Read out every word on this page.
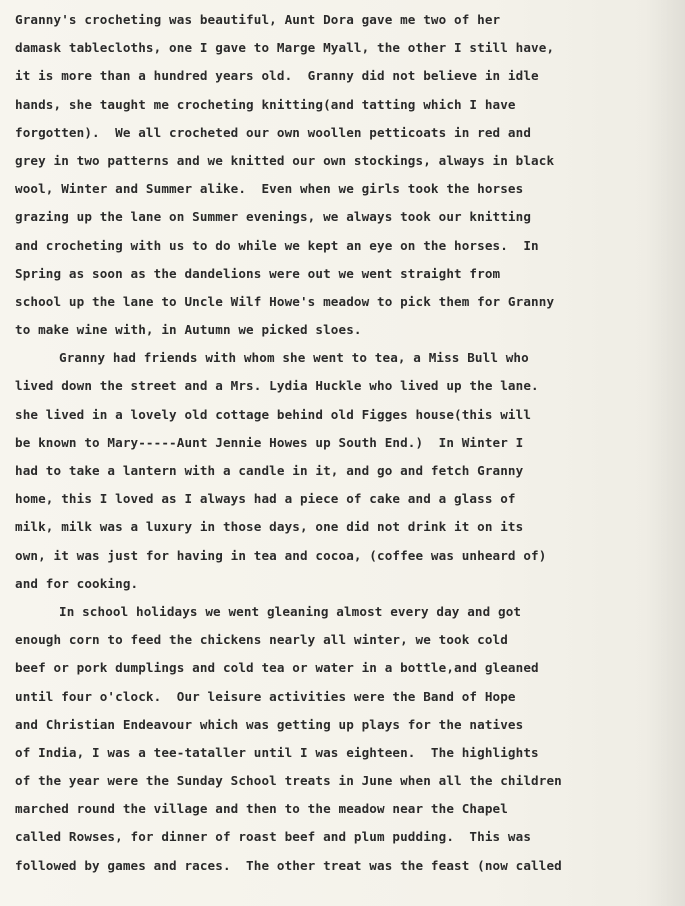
Granny's crocheting was beautiful, Aunt Dora gave me two of her
damask tablecloths, one I gave to Marge Myall, the other I still have,
it is more than a hundred years old.  Granny did not believe in idle
hands, she taught me crocheting knitting(and tatting which I have
forgotten).  We all crocheted our own woollen petticoats in red and
grey in two patterns and we knitted our own stockings, always in black
wool, Winter and Summer alike.  Even when we girls took the horses
grazing up the lane on Summer evenings, we always took our knitting
and crocheting with us to do while we kept an eye on the horses.  In
Spring as soon as the dandelions were out we went straight from
school up the lane to Uncle Wilf Howe's meadow to pick them for Granny
to make wine with, in Autumn we picked sloes.
Granny had friends with whom she went to tea, a Miss Bull who
lived down the street and a Mrs. Lydia Huckle who lived up the lane.
she lived in a lovely old cottage behind old Figges house(this will
be known to Mary-----Aunt Jennie Howes up South End.)  In Winter I
had to take a lantern with a candle in it, and go and fetch Granny
home, this I loved as I always had a piece of cake and a glass of
milk, milk was a luxury in those days, one did not drink it on its
own, it was just for having in tea and cocoa, (coffee was unheard of)
and for cooking.
In school holidays we went gleaning almost every day and got
enough corn to feed the chickens nearly all winter, we took cold
beef or pork dumplings and cold tea or water in a bottle,and gleaned
until four o'clock.  Our leisure activities were the Band of Hope
and Christian Endeavour which was getting up plays for the natives
of India, I was a tee-tataller until I was eighteen.  The highlights
of the year were the Sunday School treats in June when all the children
marched round the village and then to the meadow near the Chapel
called Rowses, for dinner of roast beef and plum pudding.  This was
followed by games and races.  The other treat was the feast (now called
